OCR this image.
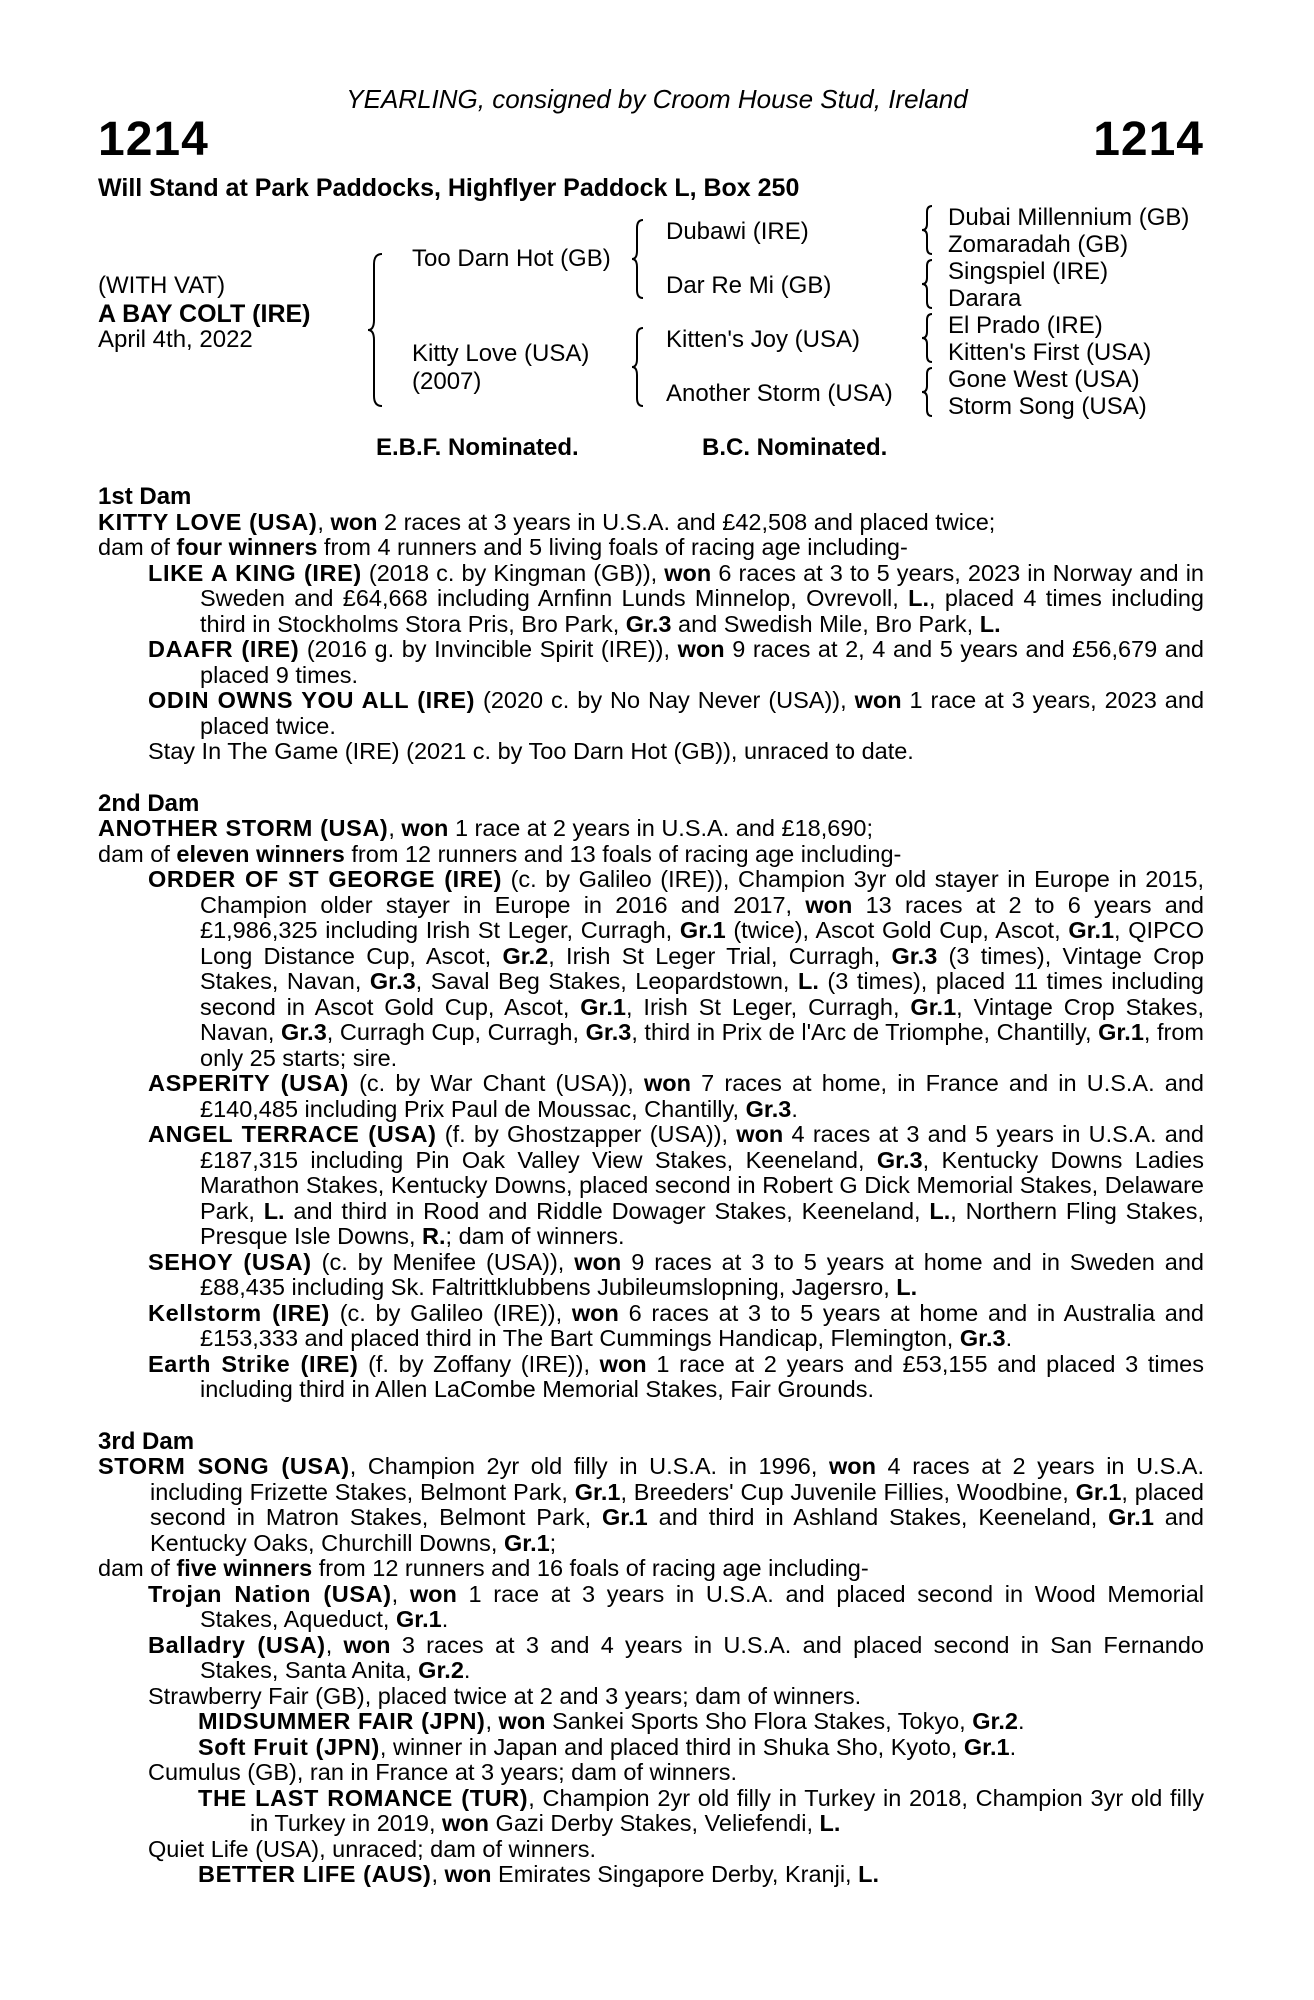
YEARLING, consigned by Croom House Stud, Ireland
1214	1214
Will Stand at Park Paddocks, Highflyer Paddock L, Box 250
(WITH VAT)
A BAY COLT (IRE)
April 4th, 2022
Too Darn Hot (GB)
Kitty Love (USA)
(2007)
Dubawi (IRE)
Dar Re Mi (GB)
Kitten's Joy (USA)
Another Storm (USA)
Dubai Millennium (GB)
Zomaradah (GB)
Singspiel (IRE)
Darara
El Prado (IRE)
Kitten's First (USA)
Gone West (USA)
Storm Song (USA)
E.B.F. Nominated.	B.C. Nominated.
1st Dam
KITTY LOVE (USA), won 2 races at 3 years in U.S.A. and £42,508 and placed twice;
dam of four winners from 4 runners and 5 living foals of racing age including-
LIKE A KING (IRE) (2018 c. by Kingman (GB)), won 6 races at 3 to 5 years, 2023 in Norway and in Sweden and £64,668 including Arnfinn Lunds Minnelop, Ovrevoll, L., placed 4 times including third in Stockholms Stora Pris, Bro Park, Gr.3 and Swedish Mile, Bro Park, L.
DAAFR (IRE) (2016 g. by Invincible Spirit (IRE)), won 9 races at 2, 4 and 5 years and £56,679 and placed 9 times.
ODIN OWNS YOU ALL (IRE) (2020 c. by No Nay Never (USA)), won 1 race at 3 years, 2023 and placed twice.
Stay In The Game (IRE) (2021 c. by Too Darn Hot (GB)), unraced to date.
2nd Dam
ANOTHER STORM (USA), won 1 race at 2 years in U.S.A. and £18,690;
dam of eleven winners from 12 runners and 13 foals of racing age including-
ORDER OF ST GEORGE (IRE) (c. by Galileo (IRE)), Champion 3yr old stayer in Europe in 2015, Champion older stayer in Europe in 2016 and 2017, won 13 races at 2 to 6 years and £1,986,325 including Irish St Leger, Curragh, Gr.1 (twice), Ascot Gold Cup, Ascot, Gr.1, QIPCO Long Distance Cup, Ascot, Gr.2, Irish St Leger Trial, Curragh, Gr.3 (3 times), Vintage Crop Stakes, Navan, Gr.3, Saval Beg Stakes, Leopardstown, L. (3 times), placed 11 times including second in Ascot Gold Cup, Ascot, Gr.1, Irish St Leger, Curragh, Gr.1, Vintage Crop Stakes, Navan, Gr.3, Curragh Cup, Curragh, Gr.3, third in Prix de l'Arc de Triomphe, Chantilly, Gr.1, from only 25 starts; sire.
ASPERITY (USA) (c. by War Chant (USA)), won 7 races at home, in France and in U.S.A. and £140,485 including Prix Paul de Moussac, Chantilly, Gr.3.
ANGEL TERRACE (USA) (f. by Ghostzapper (USA)), won 4 races at 3 and 5 years in U.S.A. and £187,315 including Pin Oak Valley View Stakes, Keeneland, Gr.3, Kentucky Downs Ladies Marathon Stakes, Kentucky Downs, placed second in Robert G Dick Memorial Stakes, Delaware Park, L. and third in Rood and Riddle Dowager Stakes, Keeneland, L., Northern Fling Stakes, Presque Isle Downs, R.; dam of winners.
SEHOY (USA) (c. by Menifee (USA)), won 9 races at 3 to 5 years at home and in Sweden and £88,435 including Sk. Faltrittklubbens Jubileumslopning, Jagersro, L.
Kellstorm (IRE) (c. by Galileo (IRE)), won 6 races at 3 to 5 years at home and in Australia and £153,333 and placed third in The Bart Cummings Handicap, Flemington, Gr.3.
Earth Strike (IRE) (f. by Zoffany (IRE)), won 1 race at 2 years and £53,155 and placed 3 times including third in Allen LaCombe Memorial Stakes, Fair Grounds.
3rd Dam
STORM SONG (USA), Champion 2yr old filly in U.S.A. in 1996, won 4 races at 2 years in U.S.A. including Frizette Stakes, Belmont Park, Gr.1, Breeders' Cup Juvenile Fillies, Woodbine, Gr.1, placed second in Matron Stakes, Belmont Park, Gr.1 and third in Ashland Stakes, Keeneland, Gr.1 and Kentucky Oaks, Churchill Downs, Gr.1;
dam of five winners from 12 runners and 16 foals of racing age including-
Trojan Nation (USA), won 1 race at 3 years in U.S.A. and placed second in Wood Memorial Stakes, Aqueduct, Gr.1.
Balladry (USA), won 3 races at 3 and 4 years in U.S.A. and placed second in San Fernando Stakes, Santa Anita, Gr.2.
Strawberry Fair (GB), placed twice at 2 and 3 years; dam of winners.
MIDSUMMER FAIR (JPN), won Sankei Sports Sho Flora Stakes, Tokyo, Gr.2.
Soft Fruit (JPN), winner in Japan and placed third in Shuka Sho, Kyoto, Gr.1.
Cumulus (GB), ran in France at 3 years; dam of winners.
THE LAST ROMANCE (TUR), Champion 2yr old filly in Turkey in 2018, Champion 3yr old filly in Turkey in 2019, won Gazi Derby Stakes, Veliefendi, L.
Quiet Life (USA), unraced; dam of winners.
BETTER LIFE (AUS), won Emirates Singapore Derby, Kranji, L.
